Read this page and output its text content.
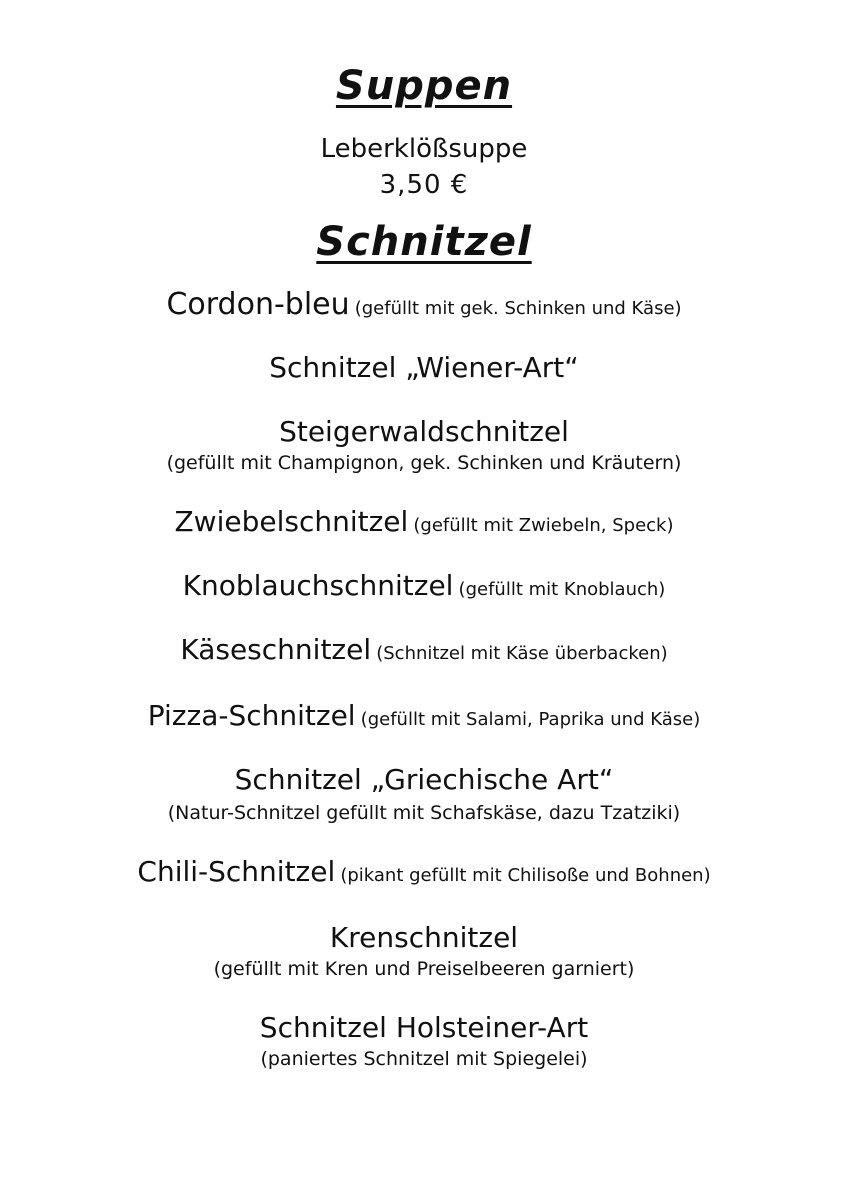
Suppen
Leberklößsuppe
3,50 €
Schnitzel
Cordon-bleu (gefüllt mit gek. Schinken und Käse)
Schnitzel „Wiener-Art“
Steigerwaldschnitzel
(gefüllt mit Champignon, gek. Schinken und Kräutern)
Zwiebelschnitzel (gefüllt mit Zwiebeln, Speck)
Knoblauchschnitzel (gefüllt mit Knoblauch)
Käseschnitzel (Schnitzel mit Käse überbacken)
Pizza-Schnitzel (gefüllt mit Salami, Paprika und Käse)
Schnitzel „Griechische Art“
(Natur-Schnitzel gefüllt mit Schafskäse, dazu Tzatziki)
Chili-Schnitzel (pikant gefüllt mit Chilisoße und Bohnen)
Krenschnitzel
(gefüllt mit Kren und Preiselbeeren garniert)
Schnitzel Holsteiner-Art
(paniertes Schnitzel mit Spiegelei)
